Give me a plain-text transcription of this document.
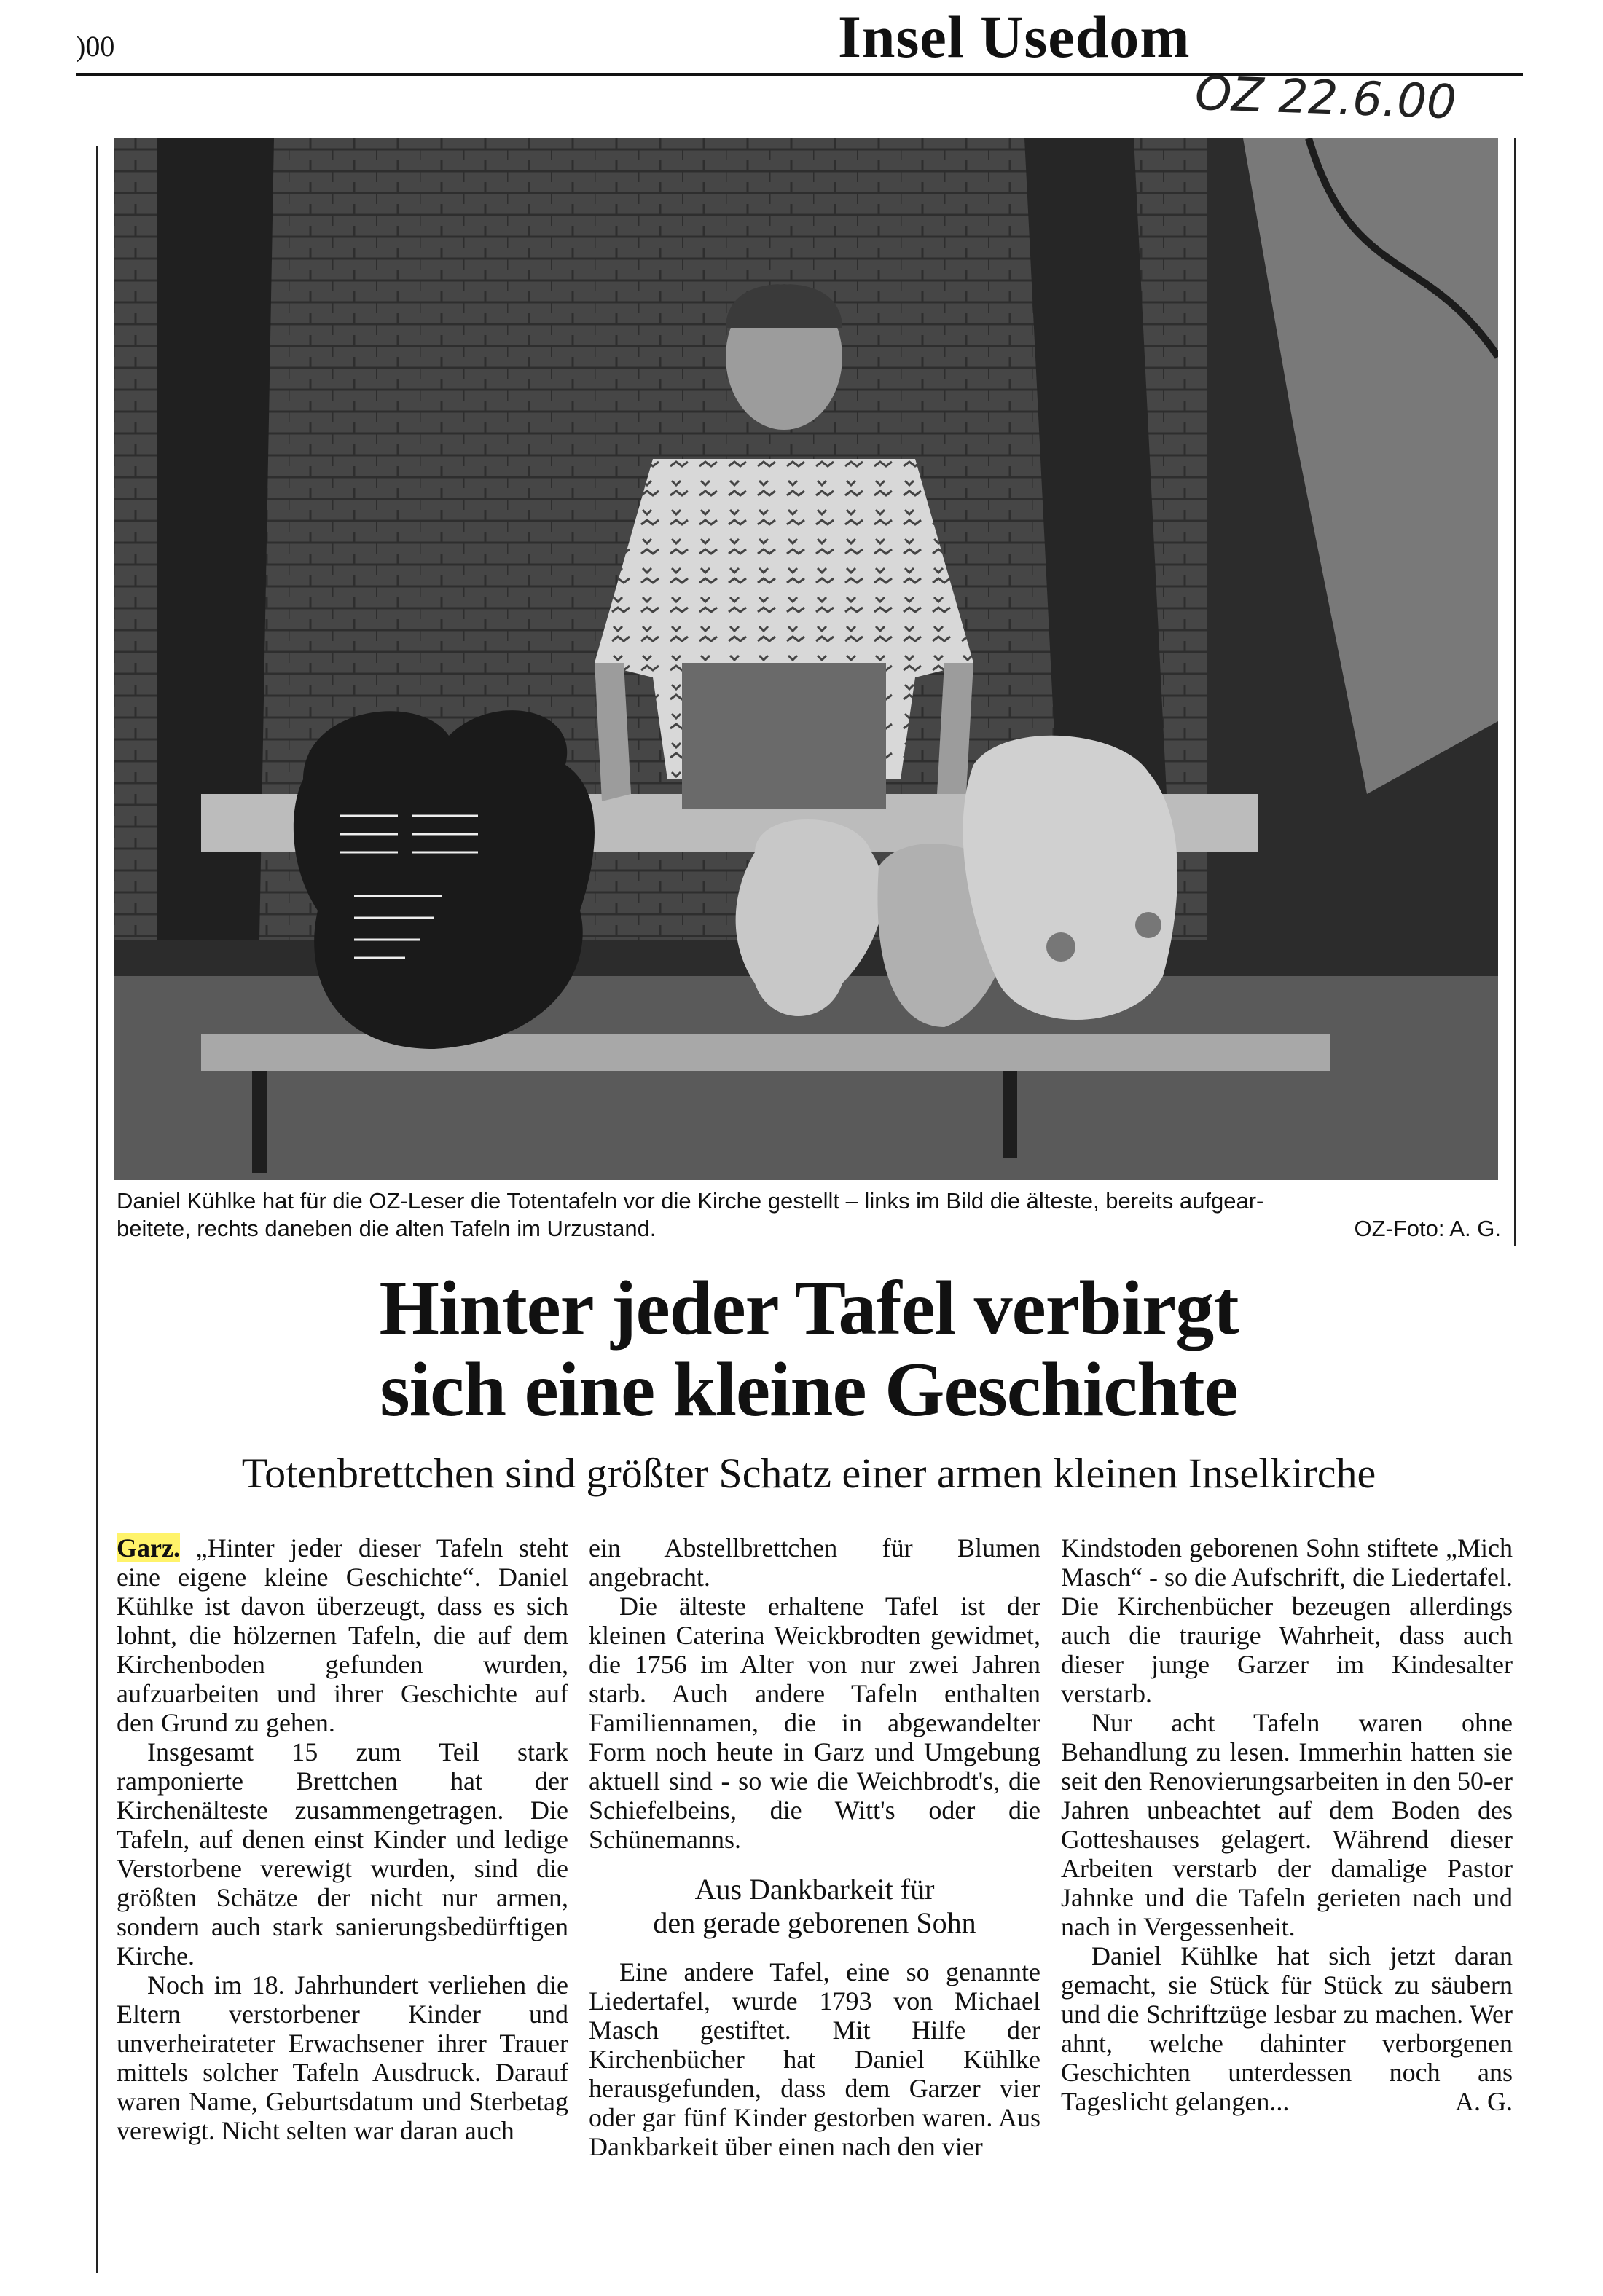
)00	Insel Usedom
OZ 22.6.00
Daniel Kühlke hat für die OZ-Leser die Totentafeln vor die Kirche gestellt – links im Bild die älteste, bereits aufgear-
beitete, rechts daneben die alten Tafeln im Urzustand.	OZ-Foto: A. G.
Hinter jeder Tafel verbirgt
sich eine kleine Geschichte
Totenbrettchen sind größter Schatz einer armen kleinen Inselkirche

Garz. „Hinter jeder dieser Tafeln steht eine eigene kleine Geschichte“. Daniel Kühlke ist davon überzeugt, dass es sich lohnt, die hölzernen Tafeln, die auf dem Kirchenboden gefunden wurden, aufzuarbeiten und ihrer Geschichte auf den Grund zu gehen.

Insgesamt 15 zum Teil stark ramponierte Brettchen hat der Kirchenälteste zusammengetragen. Die Tafeln, auf denen einst Kinder und ledige Verstorbene verewigt wurden, sind die größten Schätze der nicht nur armen, sondern auch stark sanierungsbedürftigen Kirche.

Noch im 18. Jahrhundert verliehen die Eltern verstorbener Kinder und unverheirateter Erwachsener ihrer Trauer mittels solcher Tafeln Ausdruck. Darauf waren Name, Geburtsdatum und Sterbetag verewigt. Nicht selten war daran auch

ein Abstellbrettchen für Blumen angebracht.

Die älteste erhaltene Tafel ist der kleinen Caterina Weickbrodten gewidmet, die 1756 im Alter von nur zwei Jahren starb. Auch andere Tafeln enthalten Familiennamen, die in abgewandelter Form noch heute in Garz und Umgebung aktuell sind - so wie die Weichbrodt's, die Schiefelbeins, die Witt's oder die Schünemanns.

Aus Dankbarkeit für
den gerade geborenen Sohn

Eine andere Tafel, eine so genannte Liedertafel, wurde 1793 von Michael Masch gestiftet. Mit Hilfe der Kirchenbücher hat Daniel Kühlke herausgefunden, dass dem Garzer vier oder gar fünf Kinder gestorben waren. Aus Dankbarkeit über einen nach den vier

Kindstoden geborenen Sohn stiftete „Mich Masch“ - so die Aufschrift, die Liedertafel. Die Kirchenbücher bezeugen allerdings auch die traurige Wahrheit, dass auch dieser junge Garzer im Kindesalter verstarb.

Nur acht Tafeln waren ohne Behandlung zu lesen. Immerhin hatten sie seit den Renovierungsarbeiten in den 50-er Jahren unbeachtet auf dem Boden des Gotteshauses gelagert. Während dieser Arbeiten verstarb der damalige Pastor Jahnke und die Tafeln gerieten nach und nach in Vergessenheit.

Daniel Kühlke hat sich jetzt daran gemacht, sie Stück für Stück zu säubern und die Schriftzüge lesbar zu machen. Wer ahnt, welche dahinter verborgenen Geschichten unterdessen noch ans Tageslicht gelangen...	A. G.
